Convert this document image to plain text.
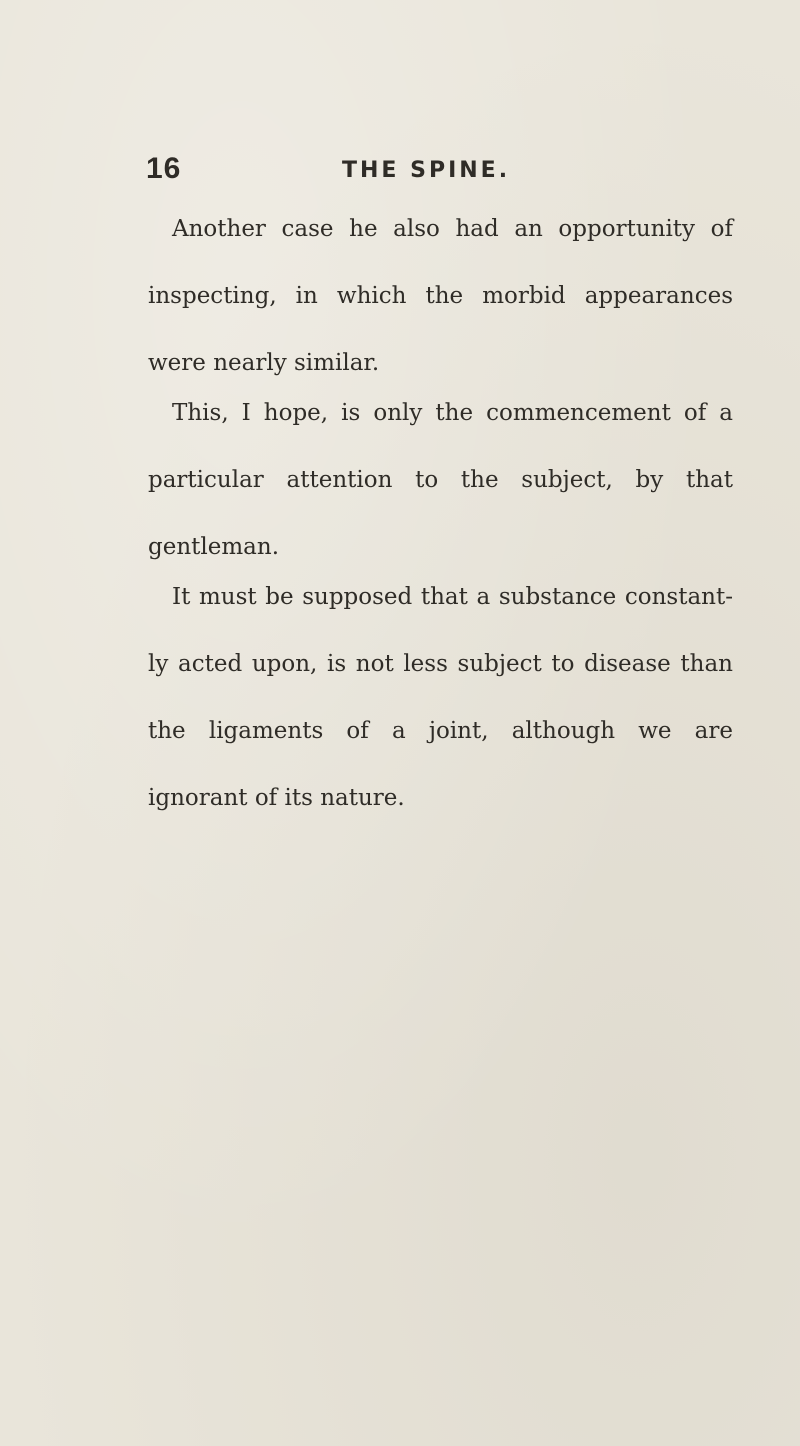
16	THE SPINE.

Another case he also had an opportunity of
inspecting, in which the morbid appearances
were nearly similar.

This, I hope, is only the commencement of a
particular attention to the subject, by that
gentleman.

It must be supposed that a substance constant-
ly acted upon, is not less subject to disease than
the ligaments of a joint, although we are
ignorant of its nature.
